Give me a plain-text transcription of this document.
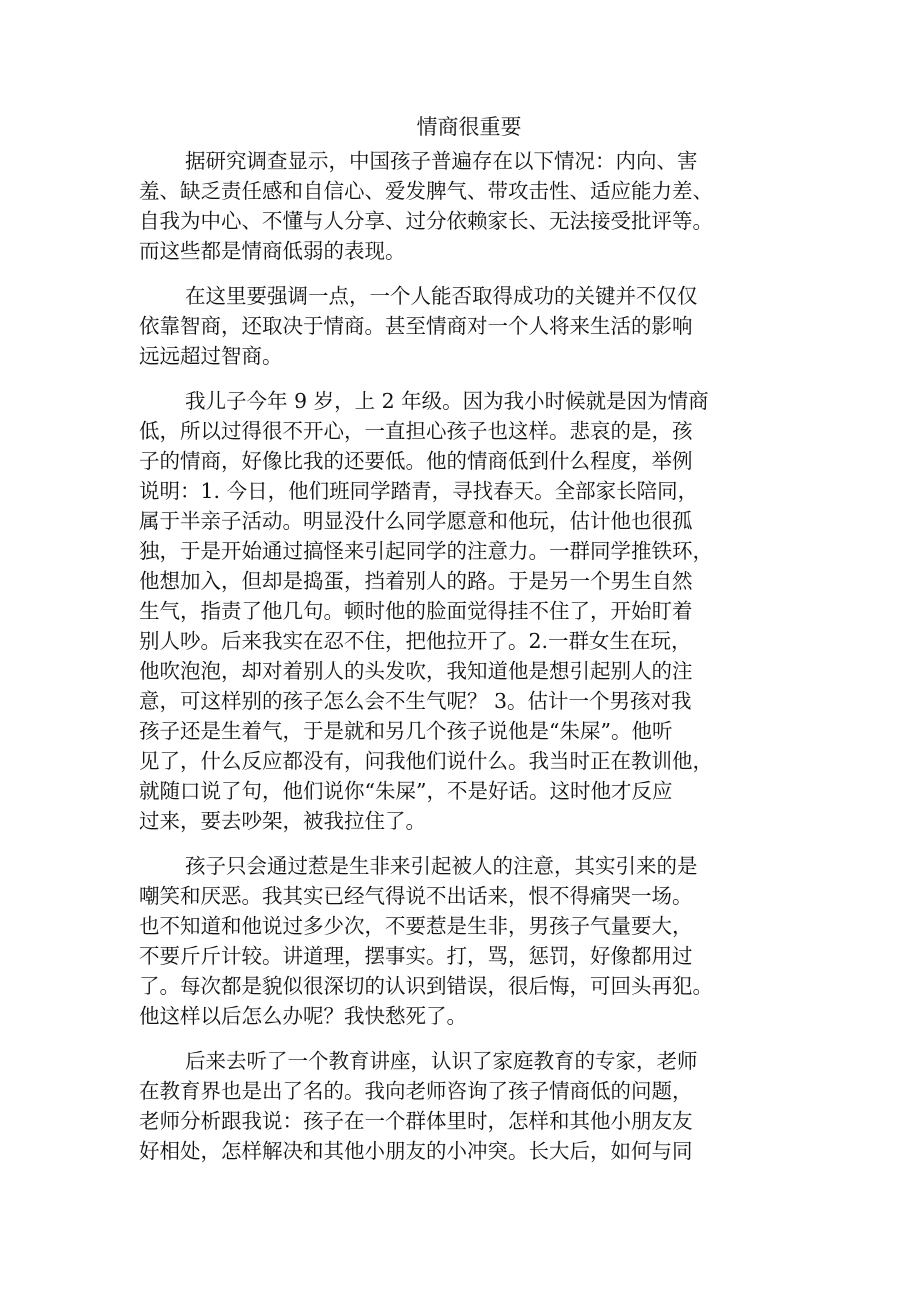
情商很重要
据研究调查显示，中国孩子普遍存在以下情况：内向、害
羞、缺乏责任感和自信心、爱发脾气、带攻击性、适应能力差、
自我为中心、不懂与人分享、过分依赖家长、无法接受批评等。
而这些都是情商低弱的表现。
在这里要强调一点，一个人能否取得成功的关键并不仅仅
依靠智商，还取决于情商。甚至情商对一个人将来生活的影响
远远超过智商。
我儿子今年 9 岁，上 2 年级。因为我小时候就是因为情商
低，所以过得很不开心，一直担心孩子也这样。悲哀的是，孩
子的情商，好像比我的还要低。他的情商低到什么程度，举例
说明：1. 今日，他们班同学踏青，寻找春天。全部家长陪同，
属于半亲子活动。明显没什么同学愿意和他玩，估计他也很孤
独，于是开始通过搞怪来引起同学的注意力。一群同学推铁环，
他想加入，但却是捣蛋，挡着别人的路。于是另一个男生自然
生气，指责了他几句。顿时他的脸面觉得挂不住了，开始盯着
别人吵。后来我实在忍不住，把他拉开了。2.一群女生在玩，
他吹泡泡，却对着别人的头发吹，我知道他是想引起别人的注
意，可这样别的孩子怎么会不生气呢？ 3。估计一个男孩对我
孩子还是生着气，于是就和另几个孩子说他是“朱屎”。他听
见了，什么反应都没有，问我他们说什么。我当时正在教训他，
就随口说了句，他们说你“朱屎”，不是好话。这时他才反应
过来，要去吵架，被我拉住了。
孩子只会通过惹是生非来引起被人的注意，其实引来的是
嘲笑和厌恶。我其实已经气得说不出话来，恨不得痛哭一场。
也不知道和他说过多少次，不要惹是生非，男孩子气量要大，
不要斤斤计较。讲道理，摆事实。打，骂，惩罚，好像都用过
了。每次都是貌似很深切的认识到错误，很后悔，可回头再犯。
他这样以后怎么办呢？我快愁死了。
后来去听了一个教育讲座，认识了家庭教育的专家，老师
在教育界也是出了名的。我向老师咨询了孩子情商低的问题，
老师分析跟我说：孩子在一个群体里时，怎样和其他小朋友友
好相处，怎样解决和其他小朋友的小冲突。长大后，如何与同
